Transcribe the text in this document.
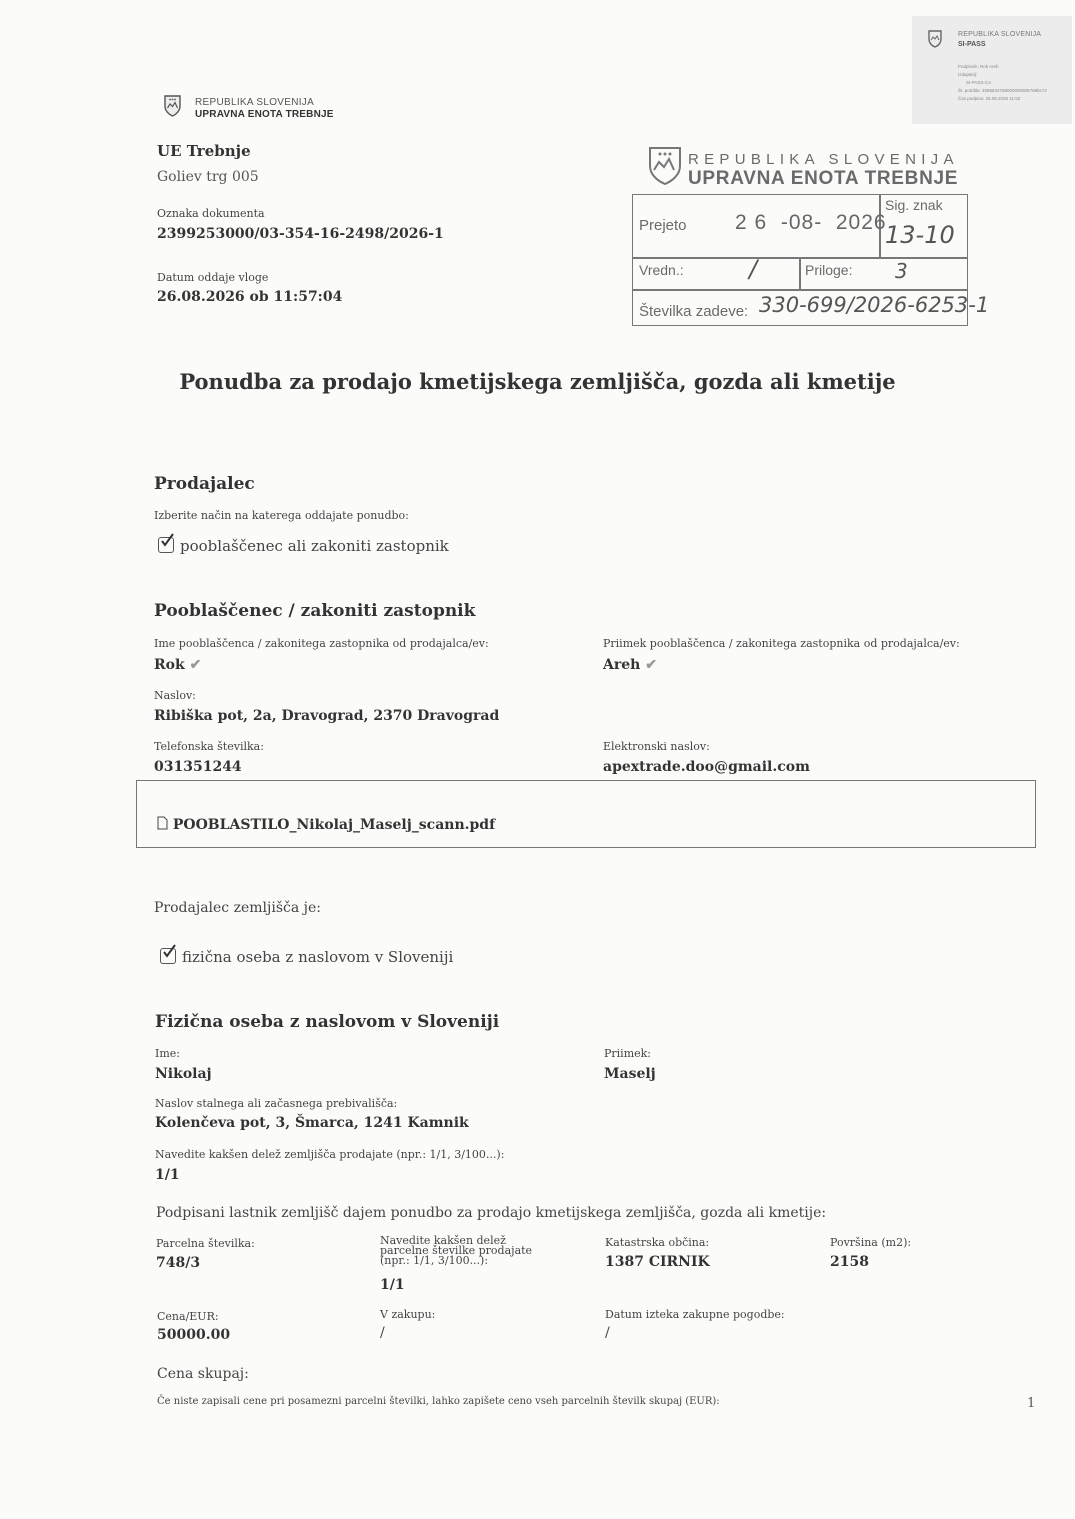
REPUBLIKA SLOVENIJA
SI-PASS
Podpisnik: Rok Areh
Izdajatelj:
SI-PASS-CA
Št. potrdila: 4596834758000000005768bc72
Čas podpisa: 26.08.2026 11:52
REPUBLIKA SLOVENIJA
UPRAVNA ENOTA TREBNJE
UE Trebnje
Goliev trg 005
Oznaka dokumenta
2399253000/03-354-16-2498/2026-1
Datum oddaje vloge
26.08.2026 ob 11:57:04
REPUBLIKA SLOVENIJA
UPRAVNA ENOTA TREBNJE
Prejeto 2 6  -08-  2026
Sig. znak
13-10
Vredn.:	/	Priloge: 3
Številka zadeve: 330-699/2026-6253-1
Ponudba za prodajo kmetijskega zemljišča, gozda ali kmetije
Prodajalec
Izberite način na katerega oddajate ponudbo:
pooblaščenec ali zakoniti zastopnik
Pooblaščenec / zakoniti zastopnik
Ime pooblaščenca / zakonitega zastopnika od prodajalca/ev:
Rok ✔
Priimek pooblaščenca / zakonitega zastopnika od prodajalca/ev:
Areh ✔
Naslov:
Ribiška pot, 2a, Dravograd, 2370 Dravograd
Telefonska številka:
031351244
Elektronski naslov:
apextrade.doo@gmail.com
POOBLASTILO_Nikolaj_Maselj_scann.pdf
Prodajalec zemljišča je:
fizična oseba z naslovom v Sloveniji
Fizična oseba z naslovom v Sloveniji
Ime:
Nikolaj
Priimek:
Maselj
Naslov stalnega ali začasnega prebivališča:
Kolenčeva pot, 3, Šmarca, 1241 Kamnik
Navedite kakšen delež zemljišča prodajate (npr.: 1/1, 3/100...):
1/1
Podpisani lastnik zemljišč dajem ponudbo za prodajo kmetijskega zemljišča, gozda ali kmetije:
Parcelna številka:
748/3
Navedite kakšen delež parcelne številke prodajate (npr.: 1/1, 3/100...):
1/1
Katastrska občina:
1387 CIRNIK
Površina (m2):
2158
Cena/EUR:
50000.00
V zakupu:
/
Datum izteka zakupne pogodbe:
/
Cena skupaj:
Če niste zapisali cene pri posamezni parcelni številki, lahko zapišete ceno vseh parcelnih številk skupaj (EUR):	1
